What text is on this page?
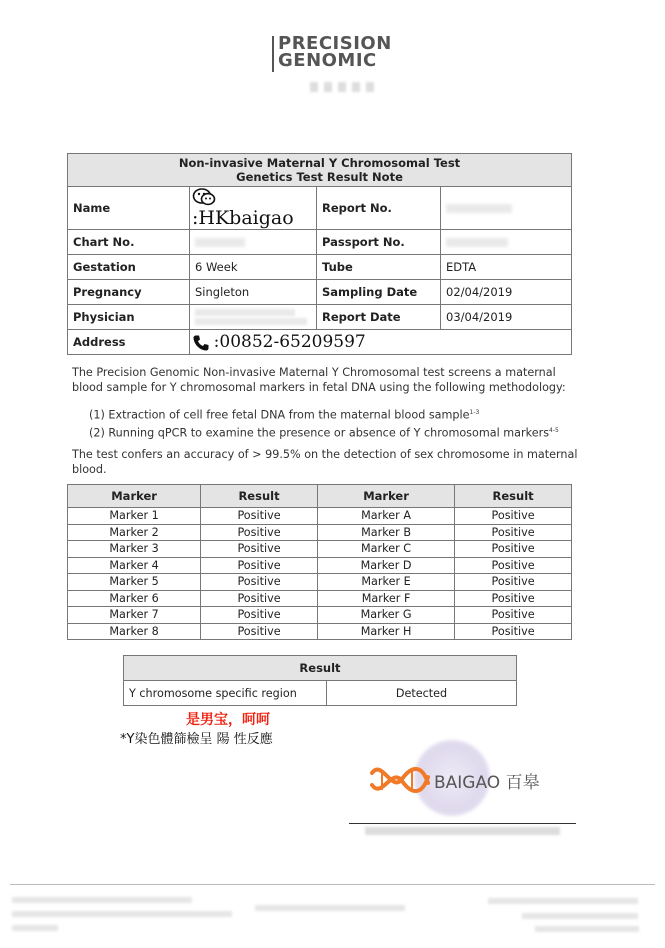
PRECISION
GENOMIC
Non-invasive Maternal Y Chromosomal Test
Genetics Test Result Note			

Name	:HKbaigao	Report No.	
Chart No.		Passport No.	
Gestation	6 Week	Tube	EDTA
Pregnancy	Singleton	Sampling Date	02/04/2019
Physician		Report Date	03/04/2019
Address	:00852-65209597		
The Precision Genomic Non-invasive Maternal Y Chromosomal test screens a maternal blood sample for Y chromosomal markers in fetal DNA using the following methodology:
(1) Extraction of cell free fetal DNA from the maternal blood sample$^{1-3}$
(2) Running qPCR to examine the presence or absence of Y chromosomal markers$^{4-5}$
The test confers an accuracy of > 99.5% on the detection of sex chromosome in maternal blood.
Marker	Result	Marker	Result
Marker 1	Positive	Marker A	Positive
Marker 2	Positive	Marker B	Positive
Marker 3	Positive	Marker C	Positive
Marker 4	Positive	Marker D	Positive
Marker 5	Positive	Marker E	Positive
Marker 6	Positive	Marker F	Positive
Marker 7	Positive	Marker G	Positive
Marker 8	Positive	Marker H	Positive
Result
Y chromosome specific region	Detected
是男宝，呵呵
*Y染色體篩檢呈 陽 性反應
BAIGAO 百皋
